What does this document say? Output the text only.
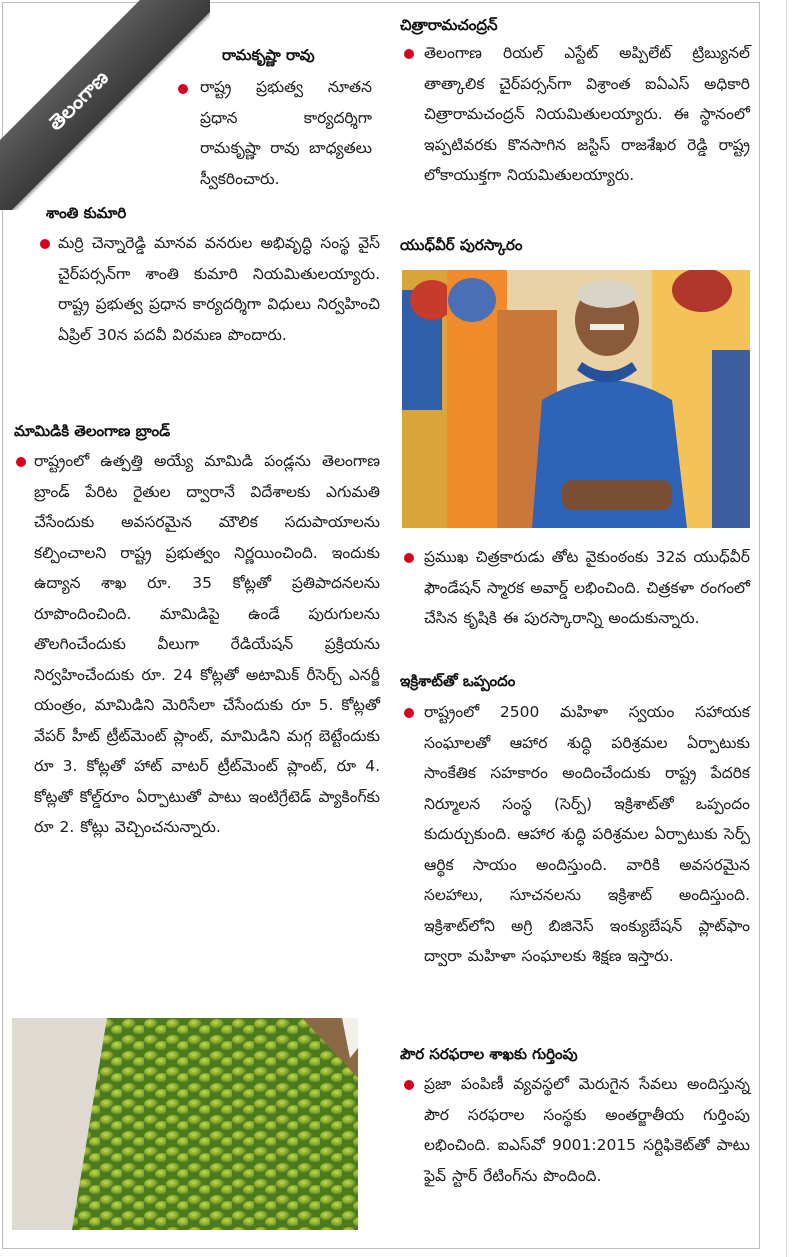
తెలంగాణ
రామకృష్ణా రావు
రాష్ట్ర ప్రభుత్వ నూతన ప్రధాన కార్యదర్శిగా రామకృష్ణా రావు బాధ్యతలు స్వీకరించారు.
శాంతి కుమారి
మర్రి చెన్నారెడ్డి మానవ వనరుల అభివృద్ధి సంస్థ వైస్ చైర్‌పర్సన్‌గా శాంతి కుమారి నియమితులయ్యారు. రాష్ట్ర ప్రభుత్వ ప్రధాన కార్యదర్శిగా విధులు నిర్వహించి ఏప్రిల్ 30న పదవీ విరమణ పొందారు.
మామిడికి తెలంగాణ బ్రాండ్
రాష్ట్రంలో ఉత్పత్తి అయ్యే మామిడి పండ్లను తెలంగాణ బ్రాండ్ పేరిట రైతుల ద్వారానే విదేశాలకు ఎగుమతి చేసేందుకు అవసరమైన మౌలిక సదుపాయాలను కల్పించాలని రాష్ట్ర ప్రభుత్వం నిర్ణయించింది. ఇందుకు ఉద్యాన శాఖ రూ. 35 కోట్లతో ప్రతిపాదనలను రూపొందించింది. మామిడిపై ఉండే పురుగులను తొలగించేందుకు వీలుగా రేడియేషన్ ప్రక్రియను నిర్వహించేందుకు రూ. 24 కోట్లతో అటామిక్ రీసెర్చ్ ఎనర్జీ యంత్రం, మామిడిని మెరిసేలా చేసేందుకు రూ 5. కోట్లతో వేపర్ హీట్ ట్రీట్‌మెంట్ ప్లాంట్, మామిడిని మగ్గ బెట్టేందుకు రూ 3. కోట్లతో హాట్ వాటర్ ట్రీట్‌మెంట్ ప్లాంట్, రూ 4. కోట్లతో కోల్డ్‌రూం ఏర్పాటుతో పాటు ఇంటిగ్రేటెడ్ ప్యాకింగ్‌కు రూ 2. కోట్లు వెచ్చించనున్నారు.
చిత్రారామచంద్రన్
తెలంగాణ రియల్ ఎస్టేట్ అప్పిలేట్ ట్రిబ్యునల్ తాత్కాలిక చైర్‌పర్సన్‌గా విశ్రాంత ఐఏఎస్ అధికారి చిత్రారామచంద్రన్ నియమితులయ్యారు. ఈ స్థానంలో ఇప్పటివరకు కొనసాగిన జస్టిస్ రాజశేఖర రెడ్డి రాష్ట్ర లోకాయుక్తగా నియమితులయ్యారు.
యుధ్‌వీర్ పురస్కారం
ప్రముఖ చిత్రకారుడు తోట వైకుంఠంకు 32వ యుధ్‌వీర్ ఫౌండేషన్ స్మారక అవార్డ్ లభించింది. చిత్రకళా రంగంలో చేసిన కృషికి ఈ పురస్కారాన్ని అందుకున్నారు.
ఇక్రిశాట్‌తో ఒప్పందం
రాష్ట్రంలో 2500 మహిళా స్వయం సహాయక సంఘాలతో ఆహార శుద్ధి పరిశ్రమల ఏర్పాటుకు సాంకేతిక సహకారం అందించేందుకు రాష్ట్ర పేదరిక నిర్మూలన సంస్థ (సెర్ప్) ఇక్రిశాట్‌తో ఒప్పందం కుదుర్చుకుంది. ఆహార శుద్ధి పరిశ్రమల ఏర్పాటుకు సెర్ప్ ఆర్థిక సాయం అందిస్తుంది. వారికి అవసరమైన సలహాలు, సూచనలను ఇక్రిశాట్ అందిస్తుంది. ఇక్రిశాట్‌లోని అగ్రి బిజినెస్ ఇంక్యుబేషన్ ప్లాట్‌ఫాం ద్వారా మహిళా సంఘాలకు శిక్షణ ఇస్తారు.
పౌర సరఫరాల శాఖకు గుర్తింపు
ప్రజా పంపిణీ వ్యవస్థలో మెరుగైన సేవలు అందిస్తున్న పౌర సరఫరాల సంస్థకు అంతర్జాతీయ గుర్తింపు లభించింది. ఐఎస్‌వో 9001:2015 సర్టిఫికెట్‌తో పాటు ఫైవ్ స్టార్ రేటింగ్‌ను పొందింది.
